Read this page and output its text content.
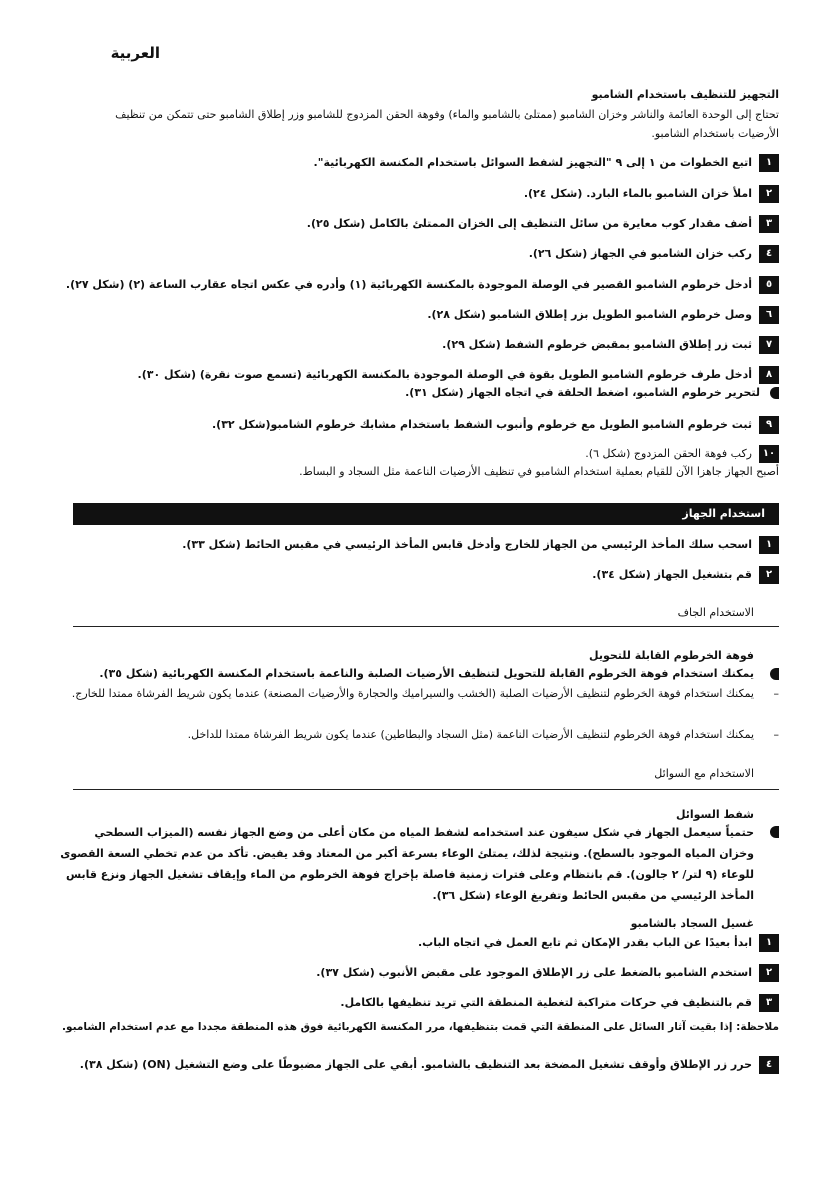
العربية
التجهيز للتنظيف باستخدام الشامبو
تحتاج إلى الوحدة العائمة والناشر وخزان الشامبو (ممتلئ بالشامبو والماء) وفوهة الحقن المزدوج للشامبو وزر إطلاق الشامبو حتى تتمكن من تنظيف الأرضيات باستخدام الشامبو.
١
اتبع الخطوات من ١ إلى ٩ "التجهيز لشفط السوائل باستخدام المكنسة الكهربائية".
٢
املأ خزان الشامبو بالماء البارد. (شكل ٢٤).
٣
أضف مقدار كوب معايرة من سائل التنظيف إلى الخزان الممتلئ بالكامل (شكل ٢٥).
٤
ركب خزان الشامبو في الجهاز (شكل ٢٦).
٥
أدخل خرطوم الشامبو القصير في الوصلة الموجودة بالمكنسة الكهربائية (١) وأدره في عكس اتجاه عقارب الساعة (٢) (شكل ٢٧).
٦
وصل خرطوم الشامبو الطويل بزر إطلاق الشامبو (شكل ٢٨).
٧
ثبت زر إطلاق الشامبو بمقبض خرطوم الشفط (شكل ٢٩).
٨
أدخل طرف خرطوم الشامبو الطويل بقوة في الوصلة الموجودة بالمكنسة الكهربائية (تسمع صوت نقرة) (شكل ٣٠).
لتحرير خرطوم الشامبو، اضغط الحلقة في اتجاه الجهاز (شكل ٣١).
٩
ثبت خرطوم الشامبو الطويل مع خرطوم وأنبوب الشفط باستخدام مشابك خرطوم الشامبو(شكل ٣٢).
١٠
ركب فوهة الحقن المزدوج (شكل ٦).
أصبح الجهاز جاهزا الآن للقيام بعملية استخدام الشامبو في تنظيف الأرضيات الناعمة مثل السجاد و البساط.
استخدام الجهاز
١
اسحب سلك المأخذ الرئيسي من الجهاز للخارج وأدخل قابس المأخذ الرئيسي في مقبس الحائط (شكل ٣٣).
٢
قم بتشغيل الجهاز (شكل ٣٤).
الاستخدام الجاف
فوهة الخرطوم القابلة للتحويل
يمكنك استخدام فوهة الخرطوم القابلة للتحويل لتنظيف الأرضيات الصلبة والناعمة باستخدام المكنسة الكهربائية (شكل ٣٥).
–
يمكنك استخدام فوهة الخرطوم لتنظيف الأرضيات الصلبة (الخشب والسيراميك والحجارة والأرضيات المصنعة) عندما يكون شريط الفرشاة ممتدا للخارج.
–
يمكنك استخدام فوهة الخرطوم لتنظيف الأرضيات الناعمة (مثل السجاد والبطاطين) عندما يكون شريط الفرشاة ممتدا للداخل.
الاستخدام مع السوائل
شفط السوائل
حتمياً سيعمل الجهاز في شكل سيفون عند استخدامه لشفط المياه من مكان أعلى من وضع الجهاز نفسه (الميزاب السطحي وخزان المياه الموجود بالسطح). ونتيجة لذلك، يمتلئ الوعاء بسرعة أكبر من المعتاد وقد يفيض. تأكد من عدم تخطي السعة القصوى للوعاء (٩ لتر/ ٢ جالون). قم بانتظام وعلى فترات زمنية فاصلة بإخراج فوهة الخرطوم من الماء وإيقاف تشغيل الجهاز ونزع قابس المأخذ الرئيسي من مقبس الحائط وتفريغ الوعاء (شكل ٣٦).
غسيل السجاد بالشامبو
١
ابدأ بعيدًا عن الباب بقدر الإمكان ثم تابع العمل في اتجاه الباب.
٢
استخدم الشامبو بالضغط على زر الإطلاق الموجود على مقبض الأنبوب (شكل ٣٧).
٣
قم بالتنظيف في حركات متراكبة لتغطية المنطقة التي تريد تنظيفها بالكامل.
ملاحظة: إذا بقيت آثار السائل على المنطقة التي قمت بتنظيفها، مرر المكنسة الكهربائية فوق هذه المنطقة مجددا مع عدم استخدام الشامبو.
٤
حرر زر الإطلاق وأوقف تشغيل المضخة بعد التنظيف بالشامبو. أبقي على الجهاز مضبوطًا على وضع التشغيل (ON) (شكل ٣٨).
